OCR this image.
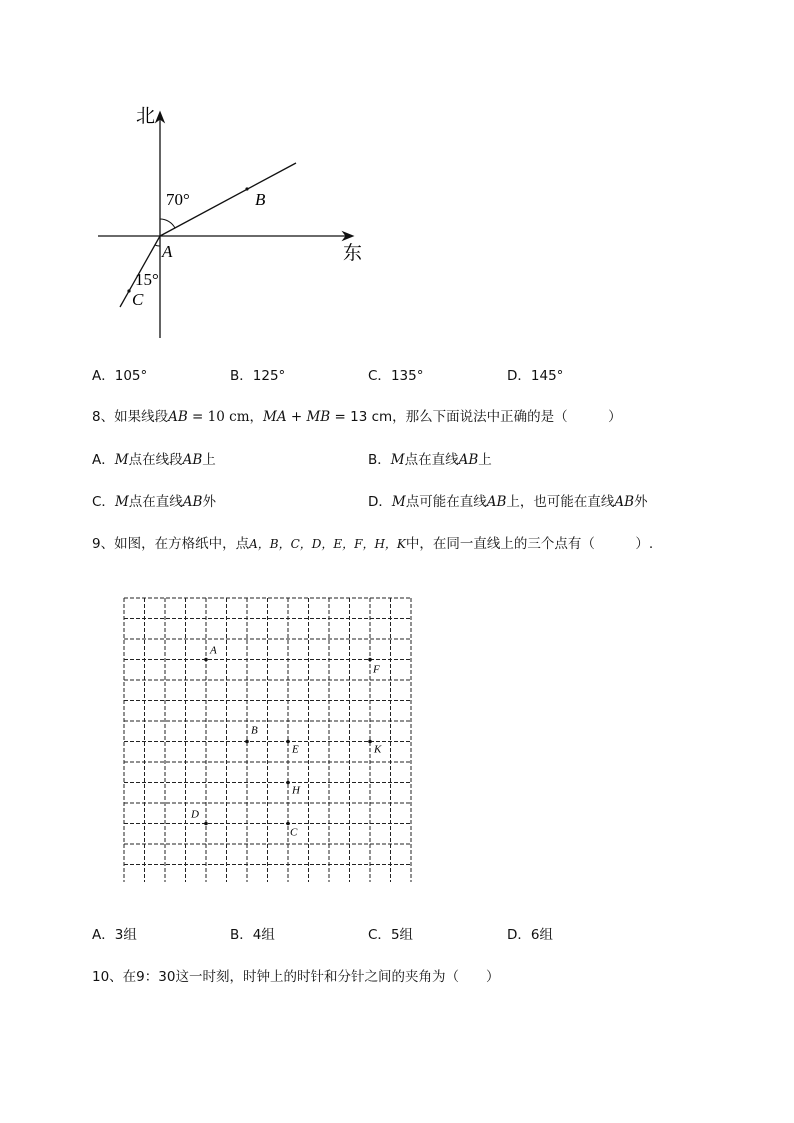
北
东
70°
15°
A
B
C
A．105°	B．125°	C．135°	D．145°
8、如果线段AB = 10 cm，MA + MB = 13 cm，那么下面说法中正确的是（　　　）
A．M点在线段AB上	B．M点在直线AB上
C．M点在直线AB外	D．M点可能在直线AB上，也可能在直线AB外
9、如图，在方格纸中，点A，B，C，D，E，F，H，K中，在同一直线上的三个点有（　　　）.
A
F
B
E	K
H
D
C
A．3组	B．4组	C．5组	D．6组
10、在9：30这一时刻，时钟上的时针和分针之间的夹角为（　　）
